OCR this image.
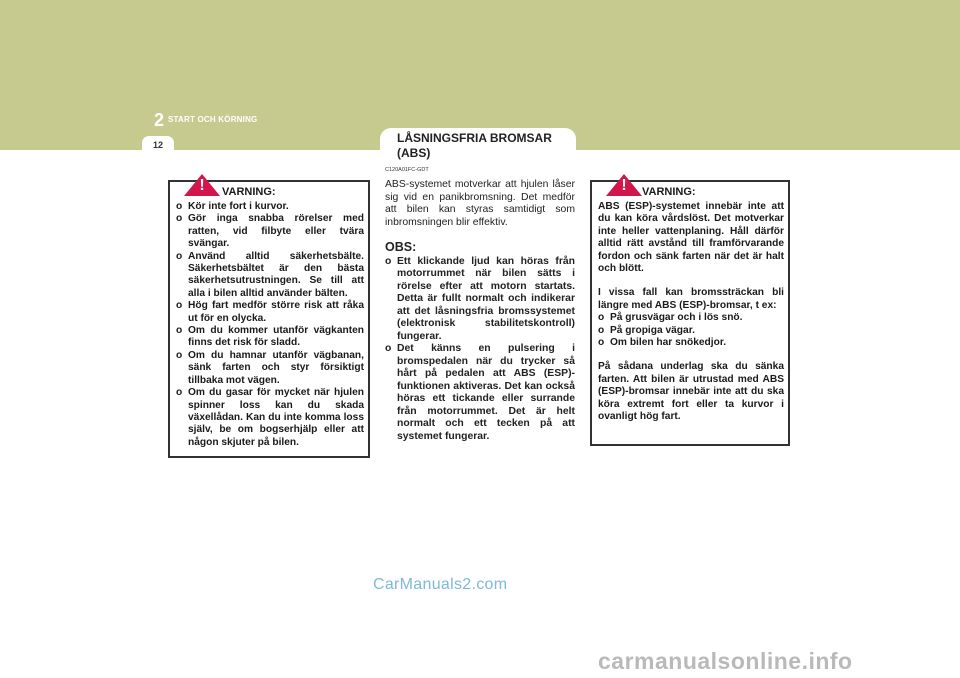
2 START OCH KÖRNING
12	LÅSNINGSFRIA BROMSAR (ABS)
C120A01FC-GDT
!	VARNING:
o Kör inte fort i kurvor.
o Gör inga snabba rörelser med ratten, vid filbyte eller tvära svängar.
o Använd alltid säkerhetsbälte. Säkerhetsbältet är den bästa säkerhetsutrustningen. Se till att alla i bilen alltid använder bälten.
o Hög fart medför större risk att råka ut för en olycka.
o Om du kommer utanför vägkanten finns det risk för sladd.
o Om du hamnar utanför vägbanan, sänk farten och styr försiktigt tillbaka mot vägen.
o Om du gasar för mycket när hjulen spinner loss kan du skada växellådan. Kan du inte komma loss själv, be om bogserhjälp eller att någon skjuter på bilen.

ABS-systemet motverkar att hjulen låser sig vid en panikbromsning. Det medför att bilen kan styras samtidigt som inbromsningen blir effektiv.

OBS:

o Ett klickande ljud kan höras från motorrummet när bilen sätts i rörelse efter att motorn startats. Detta är fullt normalt och indikerar att det låsningsfria bromssystemet (elektronisk stabilitetskontroll) fungerar.
o Det känns en pulsering i bromspedalen när du trycker så hårt på pedalen att ABS (ESP)-funktionen aktiveras. Det kan också höras ett tickande eller surrande från motorrummet. Det är helt normalt och ett tecken på att systemet fungerar.
!	VARNING:

ABS (ESP)-systemet innebär inte att du kan köra vårdslöst. Det motverkar inte heller vattenplaning. Håll därför alltid rätt avstånd till framförvarande fordon och sänk farten när det är halt och blött.

I vissa fall kan bromssträckan bli längre med ABS (ESP)-bromsar, t ex:

o På grusvägar och i lös snö.
o På gropiga vägar.
o Om bilen har snökedjor.

På sådana underlag ska du sänka farten. Att bilen är utrustad med ABS (ESP)-bromsar innebär inte att du ska köra extremt fort eller ta kurvor i ovanligt hög fart.

CarManuals2.com
carmanualsonline.info
